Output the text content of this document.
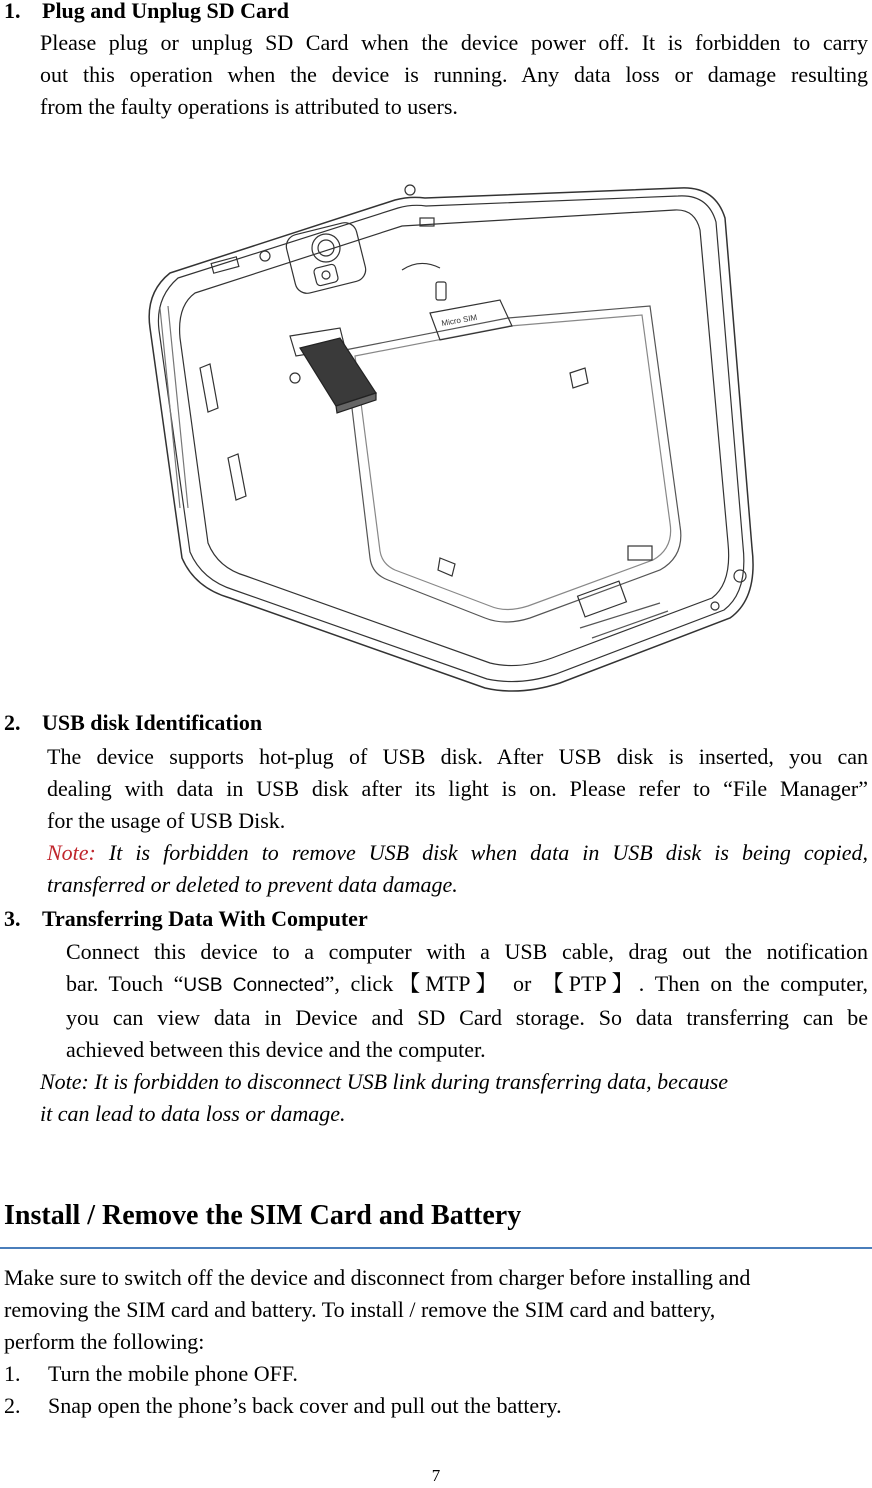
1. Plug and Unplug SD Card
Please plug or unplug SD Card when the device power off. It is forbidden to carry
out this operation when the device is running. Any data loss or damage resulting
from the faulty operations is attributed to users.
Micro SIM
2. USB disk Identification
The device supports hot-plug of USB disk. After USB disk is inserted, you can
dealing with data in USB disk after its light is on. Please refer to “File Manager”
for the usage of USB Disk.
Note: It is forbidden to remove USB disk when data in USB disk is being copied,
transferred or deleted to prevent data damage.
3. Transferring Data With Computer
Connect this device to a computer with a USB cable, drag out the notification
bar. Touch “USB Connected”, click【MTP】 or 【PTP】. Then on the computer,
you can view data in Device and SD Card storage. So data transferring can be
achieved between this device and the computer.
Note: It is forbidden to disconnect USB link during transferring data, because
it can lead to data loss or damage.
Install / Remove the SIM Card and Battery
Make sure to switch off the device and disconnect from charger before installing and
removing the SIM card and battery. To install / remove the SIM card and battery,
perform the following:
1. Turn the mobile phone OFF.
2. Snap open the phone’s back cover and pull out the battery.
7
